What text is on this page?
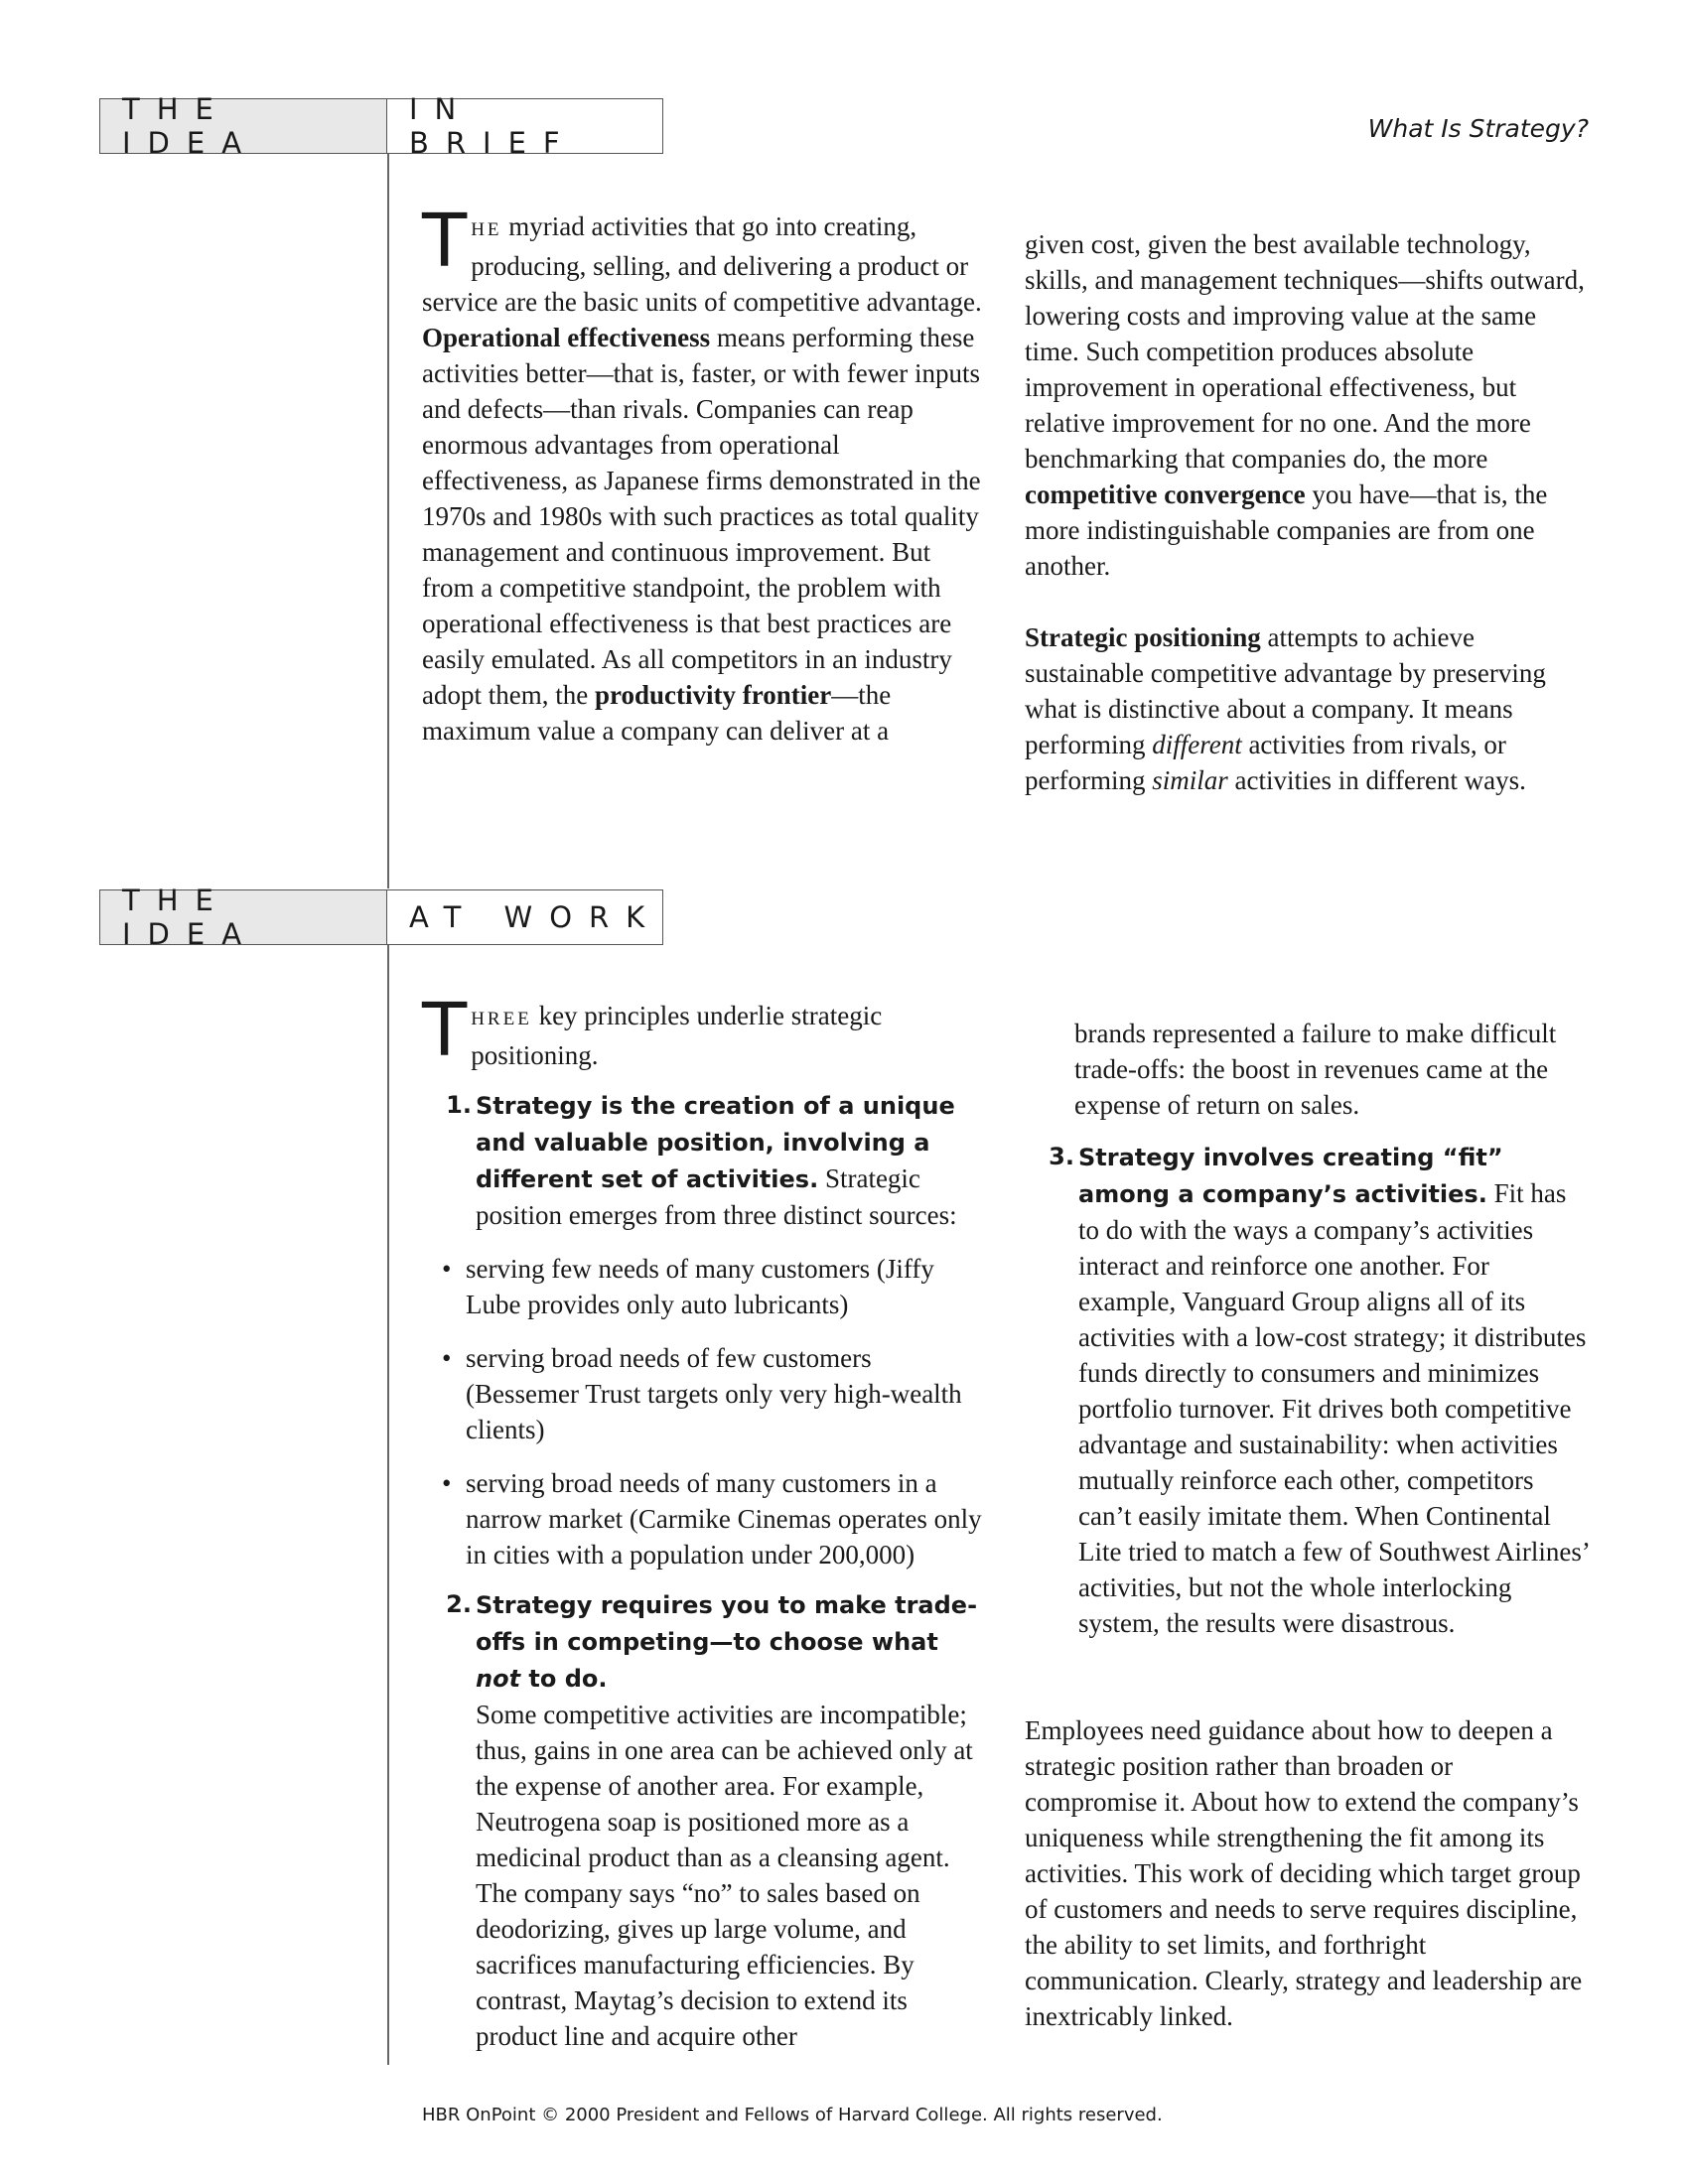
What Is Strategy?
THE IDEA
IN BRIEF

THE myriad activities that go into creating, producing, selling, and delivering a product or service are the basic units of competitive advantage. Operational effectiveness means performing these activities better—that is, faster, or with fewer inputs and defects—than rivals. Companies can reap enormous advantages from operational effectiveness, as Japanese firms demonstrated in the 1970s and 1980s with such practices as total quality management and continuous improvement. But from a competitive standpoint, the problem with operational effectiveness is that best practices are easily emulated. As all competitors in an industry adopt them, the productivity frontier—the maximum value a company can deliver at a

given cost, given the best available technology, skills, and management techniques—shifts outward, lowering costs and improving value at the same time. Such competition produces absolute improvement in operational effectiveness, but relative improvement for no one. And the more benchmarking that companies do, the more competitive convergence you have—that is, the more indistinguishable companies are from one another.

Strategic positioning attempts to achieve sustainable competitive advantage by preserving what is distinctive about a company. It means performing different activities from rivals, or performing similar activities in different ways.

THE IDEA	AT WORK

THREE key principles underlie strategic positioning.

1. Strategy is the creation of a unique and valuable position, involving a different set of activities. Strategic position emerges from three distinct sources:
• serving few needs of many customers (Jiffy Lube provides only auto lubricants)
• serving broad needs of few customers (Bessemer Trust targets only very high-wealth clients)
• serving broad needs of many customers in a narrow market (Carmike Cinemas operates only in cities with a population under 200,000)
2. Strategy requires you to make trade-offs in competing—to choose what not to do.
Some competitive activities are incompatible; thus, gains in one area can be achieved only at the expense of another area. For example, Neutrogena soap is positioned more as a medicinal product than as a cleansing agent. The company says “no” to sales based on deodorizing, gives up large volume, and sacrifices manufacturing efficiencies. By contrast, Maytag’s decision to extend its product line and acquire other

brands represented a failure to make difficult trade-offs: the boost in revenues came at the expense of return on sales.

3. Strategy involves creating “fit” among a company’s activities. Fit has to do with the ways a company’s activities interact and reinforce one another. For example, Vanguard Group aligns all of its activities with a low-cost strategy; it distributes funds directly to consumers and minimizes portfolio turnover. Fit drives both competitive advantage and sustainability: when activities mutually reinforce each other, competitors can’t easily imitate them. When Continental Lite tried to match a few of Southwest Airlines’ activities, but not the whole interlocking system, the results were disastrous.

Employees need guidance about how to deepen a strategic position rather than broaden or compromise it. About how to extend the company’s uniqueness while strengthening the fit among its activities. This work of deciding which target group of customers and needs to serve requires discipline, the ability to set limits, and forthright communication. Clearly, strategy and leadership are inextricably linked.

HBR OnPoint © 2000 President and Fellows of Harvard College. All rights reserved.
